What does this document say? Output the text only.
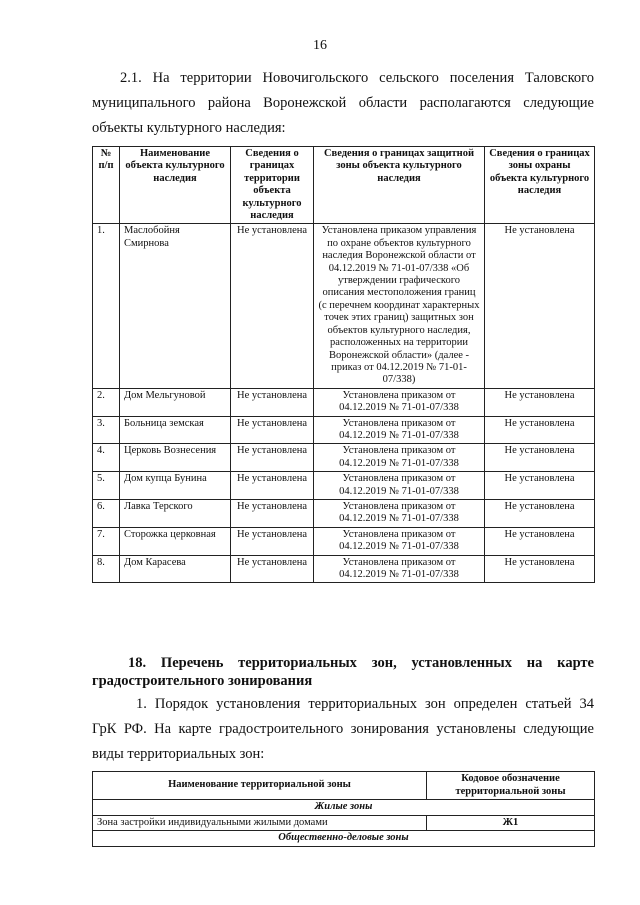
16
2.1. На территории Новочигольского сельского поселения Таловского
муниципального района Воронежской области располагаются следующие
объекты культурного наследия:
№ п/п	Наименование объекта культурного наследия	Сведения о границах территории объекта культурного наследия	Сведения о границах защитной зоны объекта культурного наследия	Сведения о границах зоны охраны объекта культурного наследия
1.	Маслобойня Смирнова	Не установлена	Установлена приказом управления по охране объектов культурного наследия Воронежской области от 04.12.2019 № 71-01-07/338 «Об утверждении графического описания местоположения границ (с перечнем координат характерных точек этих границ) защитных зон объектов культурного наследия, расположенных на территории Воронежской области» (далее - приказ от 04.12.2019 № 71-01-07/338)	Не установлена
2.	Дом Мельгуновой	Не установлена	Установлена приказом от 04.12.2019 № 71-01-07/338	Не установлена
3.	Больница земская	Не установлена	Установлена приказом от 04.12.2019 № 71-01-07/338	Не установлена
4.	Церковь Вознесения	Не установлена	Установлена приказом от 04.12.2019 № 71-01-07/338	Не установлена
5.	Дом купца Бунина	Не установлена	Установлена приказом от 04.12.2019 № 71-01-07/338	Не установлена
6.	Лавка Терского	Не установлена	Установлена приказом от 04.12.2019 № 71-01-07/338	Не установлена
7.	Сторожка церковная	Не установлена	Установлена приказом от 04.12.2019 № 71-01-07/338	Не установлена
8.	Дом Карасева	Не установлена	Установлена приказом от 04.12.2019 № 71-01-07/338	Не установлена
18. Перечень территориальных зон, установленных на карте
градостроительного зонирования
1. Порядок установления территориальных зон определен статьей 34
ГрК РФ. На карте градостроительного зонирования установлены следующие
виды территориальных зон:
Наименование территориальной зоны	Кодовое обозначение территориальной зоны
Жилые зоны	
Зона застройки индивидуальными жилыми домами	Ж1
Общественно-деловые зоны	
